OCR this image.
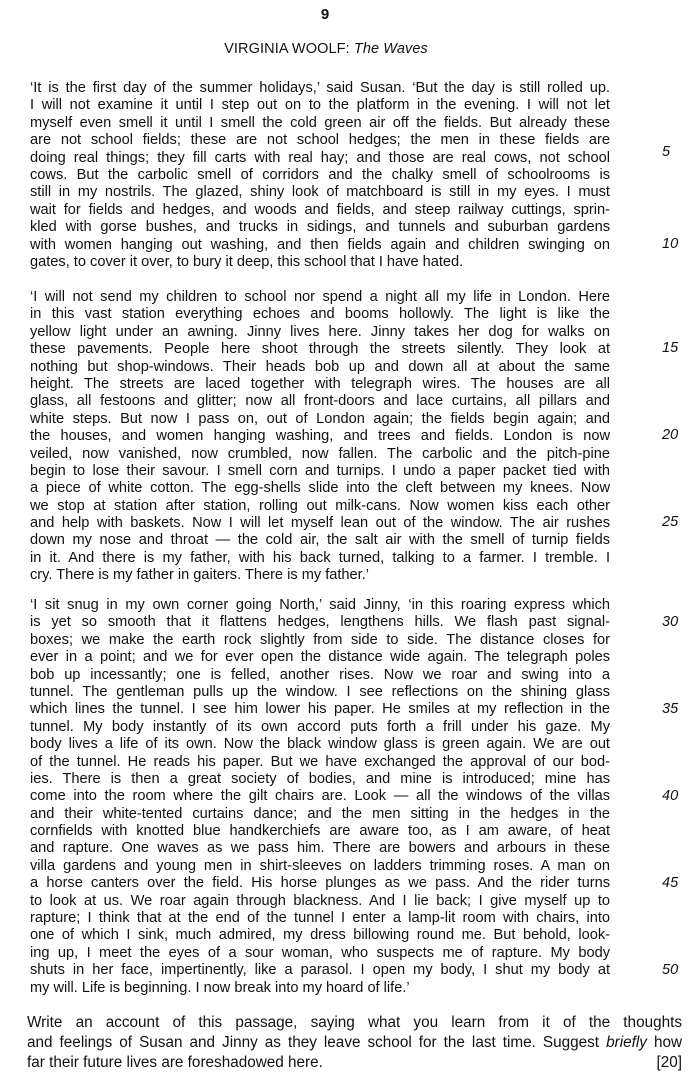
9
VIRGINIA WOOLF: The Waves
‘It is the first day of the summer holidays,’ said Susan. ‘But the day is still rolled up.
I will not examine it until I step out on to the platform in the evening. I will not let
myself even smell it until I smell the cold green air off the fields. But already these
are not school fields; these are not school hedges; the men in these fields are
doing real things; they fill carts with real hay; and those are real cows, not school
cows. But the carbolic smell of corridors and the chalky smell of schoolrooms is
still in my nostrils. The glazed, shiny look of matchboard is still in my eyes. I must
wait for fields and hedges, and woods and fields, and steep railway cuttings, sprin-
kled with gorse bushes, and trucks in sidings, and tunnels and suburban gardens
with women hanging out washing, and then fields again and children swinging on
gates, to cover it over, to bury it deep, this school that I have hated.
‘I will not send my children to school nor spend a night all my life in London. Here
in this vast station everything echoes and booms hollowly. The light is like the
yellow light under an awning. Jinny lives here. Jinny takes her dog for walks on
these pavements. People here shoot through the streets silently. They look at
nothing but shop-windows. Their heads bob up and down all at about the same
height. The streets are laced together with telegraph wires. The houses are all
glass, all festoons and glitter; now all front-doors and lace curtains, all pillars and
white steps. But now I pass on, out of London again; the fields begin again; and
the houses, and women hanging washing, and trees and fields. London is now
veiled, now vanished, now crumbled, now fallen. The carbolic and the pitch-pine
begin to lose their savour. I smell corn and turnips. I undo a paper packet tied with
a piece of white cotton. The egg-shells slide into the cleft between my knees. Now
we stop at station after station, rolling out milk-cans. Now women kiss each other
and help with baskets. Now I will let myself lean out of the window. The air rushes
down my nose and throat — the cold air, the salt air with the smell of turnip fields
in it. And there is my father, with his back turned, talking to a farmer. I tremble. I
cry. There is my father in gaiters. There is my father.’
‘I sit snug in my own corner going North,’ said Jinny, ‘in this roaring express which
is yet so smooth that it flattens hedges, lengthens hills. We flash past signal-
boxes; we make the earth rock slightly from side to side. The distance closes for
ever in a point; and we for ever open the distance wide again. The telegraph poles
bob up incessantly; one is felled, another rises. Now we roar and swing into a
tunnel. The gentleman pulls up the window. I see reflections on the shining glass
which lines the tunnel. I see him lower his paper. He smiles at my reflection in the
tunnel. My body instantly of its own accord puts forth a frill under his gaze. My
body lives a life of its own. Now the black window glass is green again. We are out
of the tunnel. He reads his paper. But we have exchanged the approval of our bod-
ies. There is then a great society of bodies, and mine is introduced; mine has
come into the room where the gilt chairs are. Look — all the windows of the villas
and their white-tented curtains dance; and the men sitting in the hedges in the
cornfields with knotted blue handkerchiefs are aware too, as I am aware, of heat
and rapture. One waves as we pass him. There are bowers and arbours in these
villa gardens and young men in shirt-sleeves on ladders trimming roses. A man on
a horse canters over the field. His horse plunges as we pass. And the rider turns
to look at us. We roar again through blackness. And I lie back; I give myself up to
rapture; I think that at the end of the tunnel I enter a lamp-lit room with chairs, into
one of which I sink, much admired, my dress billowing round me. But behold, look-
ing up, I meet the eyes of a sour woman, who suspects me of rapture. My body
shuts in her face, impertinently, like a parasol. I open my body, I shut my body at
my will. Life is beginning. I now break into my hoard of life.’
5
10
15
20
25
30
35
40
45
50
Write an account of this passage, saying what you learn from it of the thoughts
and feelings of Susan and Jinny as they leave school for the last time. Suggest briefly how
far their future lives are foreshadowed here.	[20]
